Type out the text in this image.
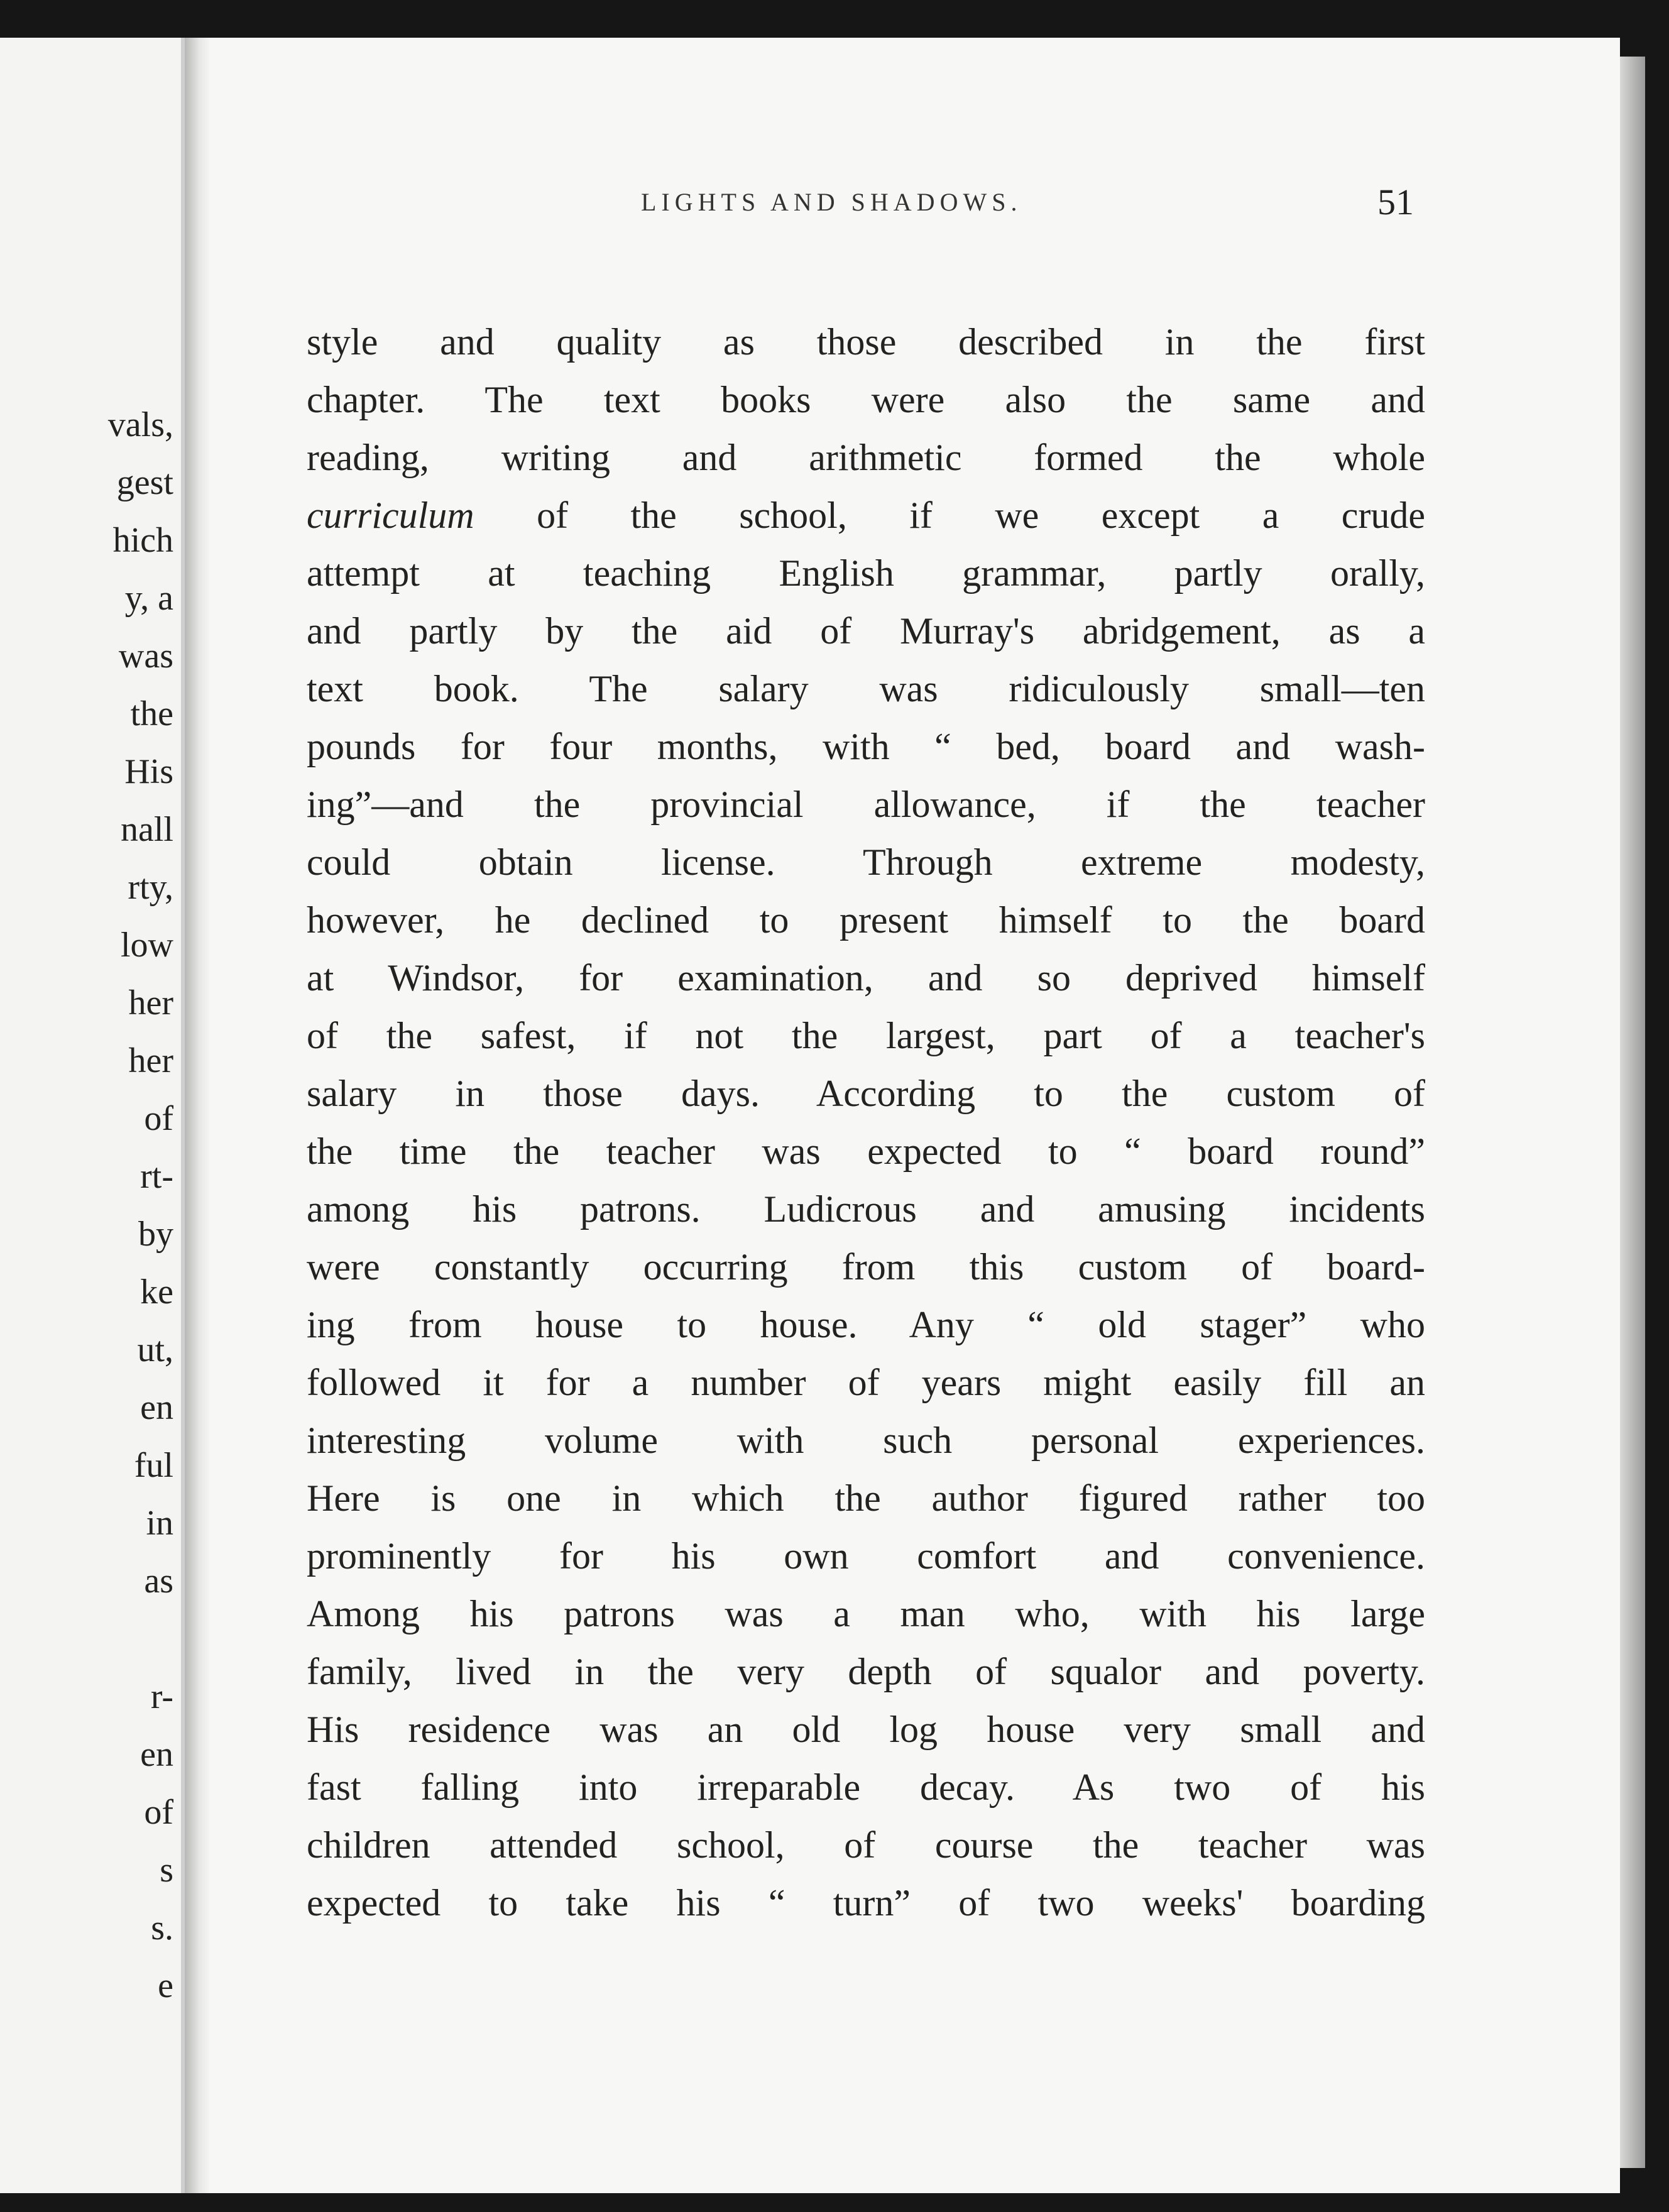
vals,
gest
hich
y, a
was
the
His
nall
rty,
low
her
her
of
rt-
by
ke
ut,
en
ful
in
as
r-
en
of
s
s.
e
LIGHTS AND SHADOWS.	51
style and quality as those described in the first
chapter. The text books were also the same and
reading, writing and arithmetic formed the whole
curriculum of the school, if we except a crude
attempt at teaching English grammar, partly orally,
and partly by the aid of Murray's abridgement, as a
text book. The salary was ridiculously small—ten
pounds for four months, with “ bed, board and wash-
ing”—and the provincial allowance, if the teacher
could obtain license. Through extreme modesty,
however, he declined to present himself to the board
at Windsor, for examination, and so deprived himself
of the safest, if not the largest, part of a teacher's
salary in those days. According to the custom of
the time the teacher was expected to “ board round”
among his patrons. Ludicrous and amusing incidents
were constantly occurring from this custom of board-
ing from house to house. Any “ old stager” who
followed it for a number of years might easily fill an
interesting volume with such personal experiences.
Here is one in which the author figured rather too
prominently for his own comfort and convenience.
Among his patrons was a man who, with his large
family, lived in the very depth of squalor and poverty.
His residence was an old log house very small and
fast falling into irreparable decay. As two of his
children attended school, of course the teacher was
expected to take his “ turn” of two weeks' boarding
